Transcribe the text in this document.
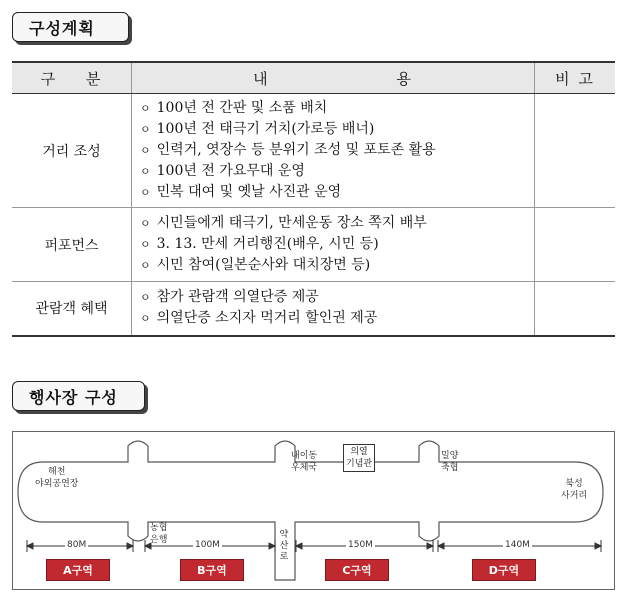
구성계획
구 분	내 용	비 고
거리 조성	ㅇ 100년 전 간판 및 소품 배치
ㅇ 100년 전 태극기 거치(가로등 배너)
ㅇ 인력거, 엿장수 등 분위기 조성 및 포토존 활용
ㅇ 100년 전 가요무대 운영
ㅇ 민복 대여 및 옛날 사진관 운영	

퍼포먼스	ㅇ 시민들에게 태극기, 만세운동 장소 쪽지 배부
ㅇ 3. 13. 만세 거리행진(배우, 시민 등)
ㅇ 시민 참여(일본순사와 대치장면 등)	

관람객 혜택	ㅇ 참가 관람객 의열단증 제공
ㅇ 의열단증 소지자 먹거리 할인권 제공	

행사장 구성
해천
야외공연장
내이동
우체국
의열
기념관
밀양
축협
농협
은행
북성
사거리
약산로
80M	100M	150M	140M
A구역	B구역	C구역	D구역
